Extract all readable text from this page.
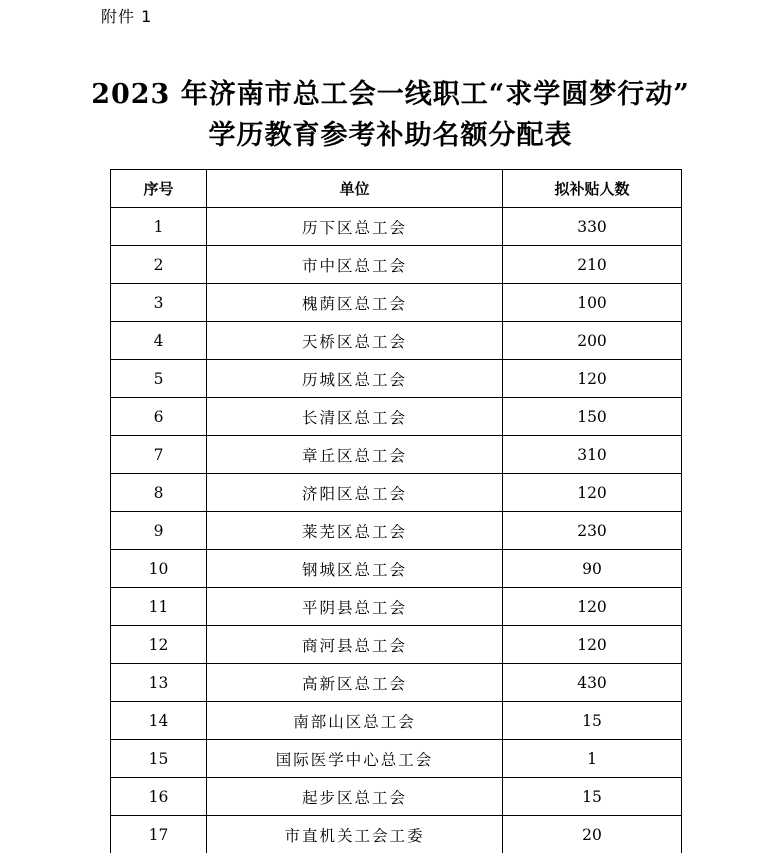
附件 1
2023 年济南市总工会一线职工“求学圆梦行动”
学历教育参考补助名额分配表
序号	单位	拟补贴人数
1	历下区总工会	330
2	市中区总工会	210
3	槐荫区总工会	100
4	天桥区总工会	200
5	历城区总工会	120
6	长清区总工会	150
7	章丘区总工会	310
8	济阳区总工会	120
9	莱芜区总工会	230
10	钢城区总工会	90
11	平阴县总工会	120
12	商河县总工会	120
13	高新区总工会	430
14	南部山区总工会	15
15	国际医学中心总工会	1
16	起步区总工会	15
17	市直机关工会工委	20
